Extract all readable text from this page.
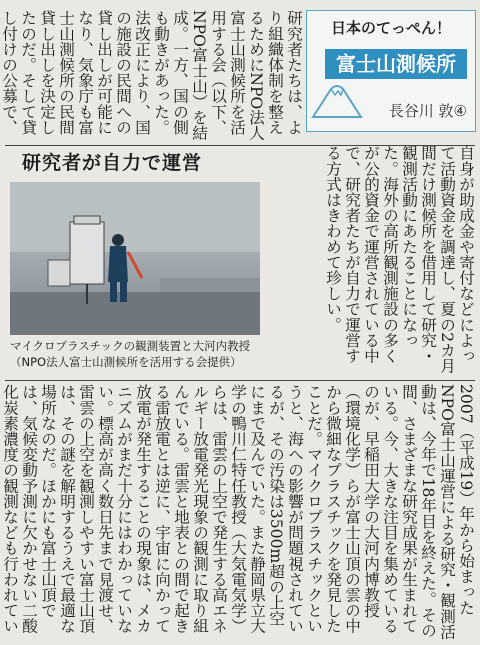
研究者たちは、より組織体制を整えるためにNPO法人富士山測候所を活用する会（以下、NPO富士山）を結成。一方、国の側も動きがあった。法改正により、国の施設の民間への貸し出しが可能になり、気象庁も富士山測候所の民間貸し出しを決定したのだ。そして貸し付けの公募で、
日本のてっぺん！
富士山測候所
長谷川 敦④
研究者が自力で運営
マイクロプラスチックの観測装置と大河内教授（NPO法人富士山測候所を活用する会提供）	自身が助成金や寄付などによって活動資金を調達し、夏の2カ月間だけ測候所を借用して研究・観測活動にあたることになった。海外の高所観測施設の多くが公的資金で運営されている中で、研究者たちが自力で運営する方式はきわめて珍しい。
2007（平成19）年から始まったNPO富士山運営による研究・観測活動は、今年で18年目を終えた。その間、さまざまな研究成果が生まれている。今、大きな注目を集めているのが、早稲田大学の大河内博教授（環境化学）らが富士山頂の雲の中から微細なプラスチックを発見したことだ。マイクロプラスチックというと、海への影響が問題視されているが、その汚染は3500m超の上空にまで及んでいた。また静岡県立大学の鴨川仁特任教授（大気電気学）らは、雷雲の上空で発生する高エネルギー放電発光現象の観測に取り組んでいる。雷雲と地表との間で起きる雷放電とは逆に、宇宙に向かって放電が発生することの現象は、メカニズムがまだ十分にはわかっていない。標高が高く数日先まで見渡せ、雷雲の上空を観測しやすい富士山頂は、その謎を解明するうえで最適な場所なのだ。ほかにも富士山頂では、気候変動予測に欠かせない二酸化炭素濃度の観測なども行われてい
